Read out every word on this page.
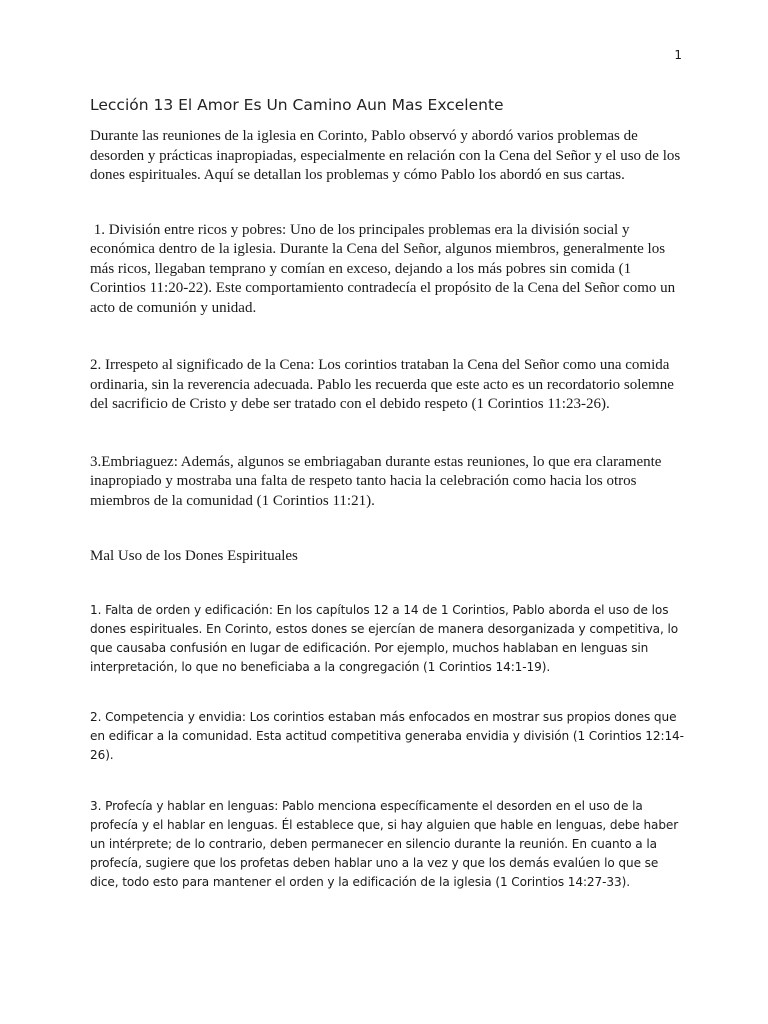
1
Lección 13 El Amor Es Un Camino Aun Mas Excelente

Durante las reuniones de la iglesia en Corinto, Pablo observó y abordó varios problemas de desorden y prácticas inapropiadas, especialmente en relación con la Cena del Señor y el uso de los dones espirituales. Aquí se detallan los problemas y cómo Pablo los abordó en sus cartas.

1. División entre ricos y pobres: Uno de los principales problemas era la división social y económica dentro de la iglesia. Durante la Cena del Señor, algunos miembros, generalmente los más ricos, llegaban temprano y comían en exceso, dejando a los más pobres sin comida (1 Corintios 11:20-22). Este comportamiento contradecía el propósito de la Cena del Señor como un acto de comunión y unidad.

2. Irrespeto al significado de la Cena: Los corintios trataban la Cena del Señor como una comida ordinaria, sin la reverencia adecuada. Pablo les recuerda que este acto es un recordatorio solemne del sacrificio de Cristo y debe ser tratado con el debido respeto (1 Corintios 11:23-26).

3.Embriaguez: Además, algunos se embriagaban durante estas reuniones, lo que era claramente inapropiado y mostraba una falta de respeto tanto hacia la celebración como hacia los otros miembros de la comunidad (1 Corintios 11:21).

Mal Uso de los Dones Espirituales

1. Falta de orden y edificación: En los capítulos 12 a 14 de 1 Corintios, Pablo aborda el uso de los dones espirituales. En Corinto, estos dones se ejercían de manera desorganizada y competitiva, lo que causaba confusión en lugar de edificación. Por ejemplo, muchos hablaban en lenguas sin interpretación, lo que no beneficiaba a la congregación (1 Corintios 14:1-19).

2. Competencia y envidia: Los corintios estaban más enfocados en mostrar sus propios dones que en edificar a la comunidad. Esta actitud competitiva generaba envidia y división (1 Corintios 12:14-26).

3. Profecía y hablar en lenguas: Pablo menciona específicamente el desorden en el uso de la profecía y el hablar en lenguas. Él establece que, si hay alguien que hable en lenguas, debe haber un intérprete; de lo contrario, deben permanecer en silencio durante la reunión. En cuanto a la profecía, sugiere que los profetas deben hablar uno a la vez y que los demás evalúen lo que se dice, todo esto para mantener el orden y la edificación de la iglesia (1 Corintios 14:27-33).
